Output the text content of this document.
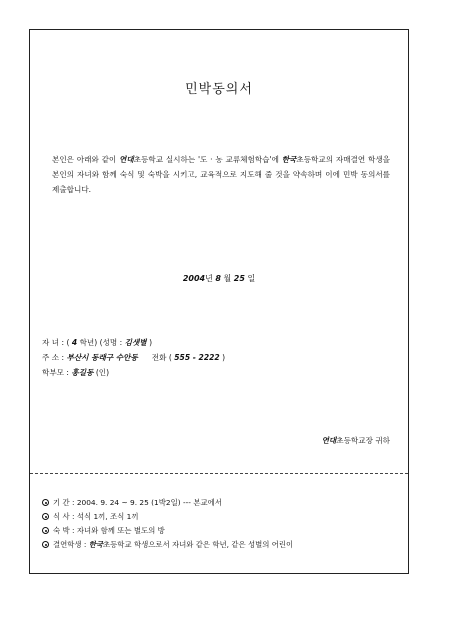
민박동의서

본인은 아래와 같이 연대초등학교 실시하는 '도 · 농 교류체험학습'에 한국초등학교의 자매결연 학생을 본인의 자녀와 함께 숙식 및 숙박을 시키고, 교육적으로 지도해 줄 것을 약속하며 이에 민박 동의서를 제출합니다.

2004년 8 월 25 일
자 녀 : ( 4 학년) (성명 : 김샛별 )
주 소 : 부산시 동래구 수안동 전화 ( 555 - 2222 )
학부모 : 홍길동 (인)
연대초등학교장 귀하
기 간 : 2004. 9. 24 ~ 9. 25 (1박2일) --- 본교에서
식 사 : 석식 1끼, 조식 1끼
숙 박 : 자녀와 함께 또는 별도의 방
결연학생 : 한국초등학교 학생으로서 자녀와 같은 학년, 같은 성별의 어린이
